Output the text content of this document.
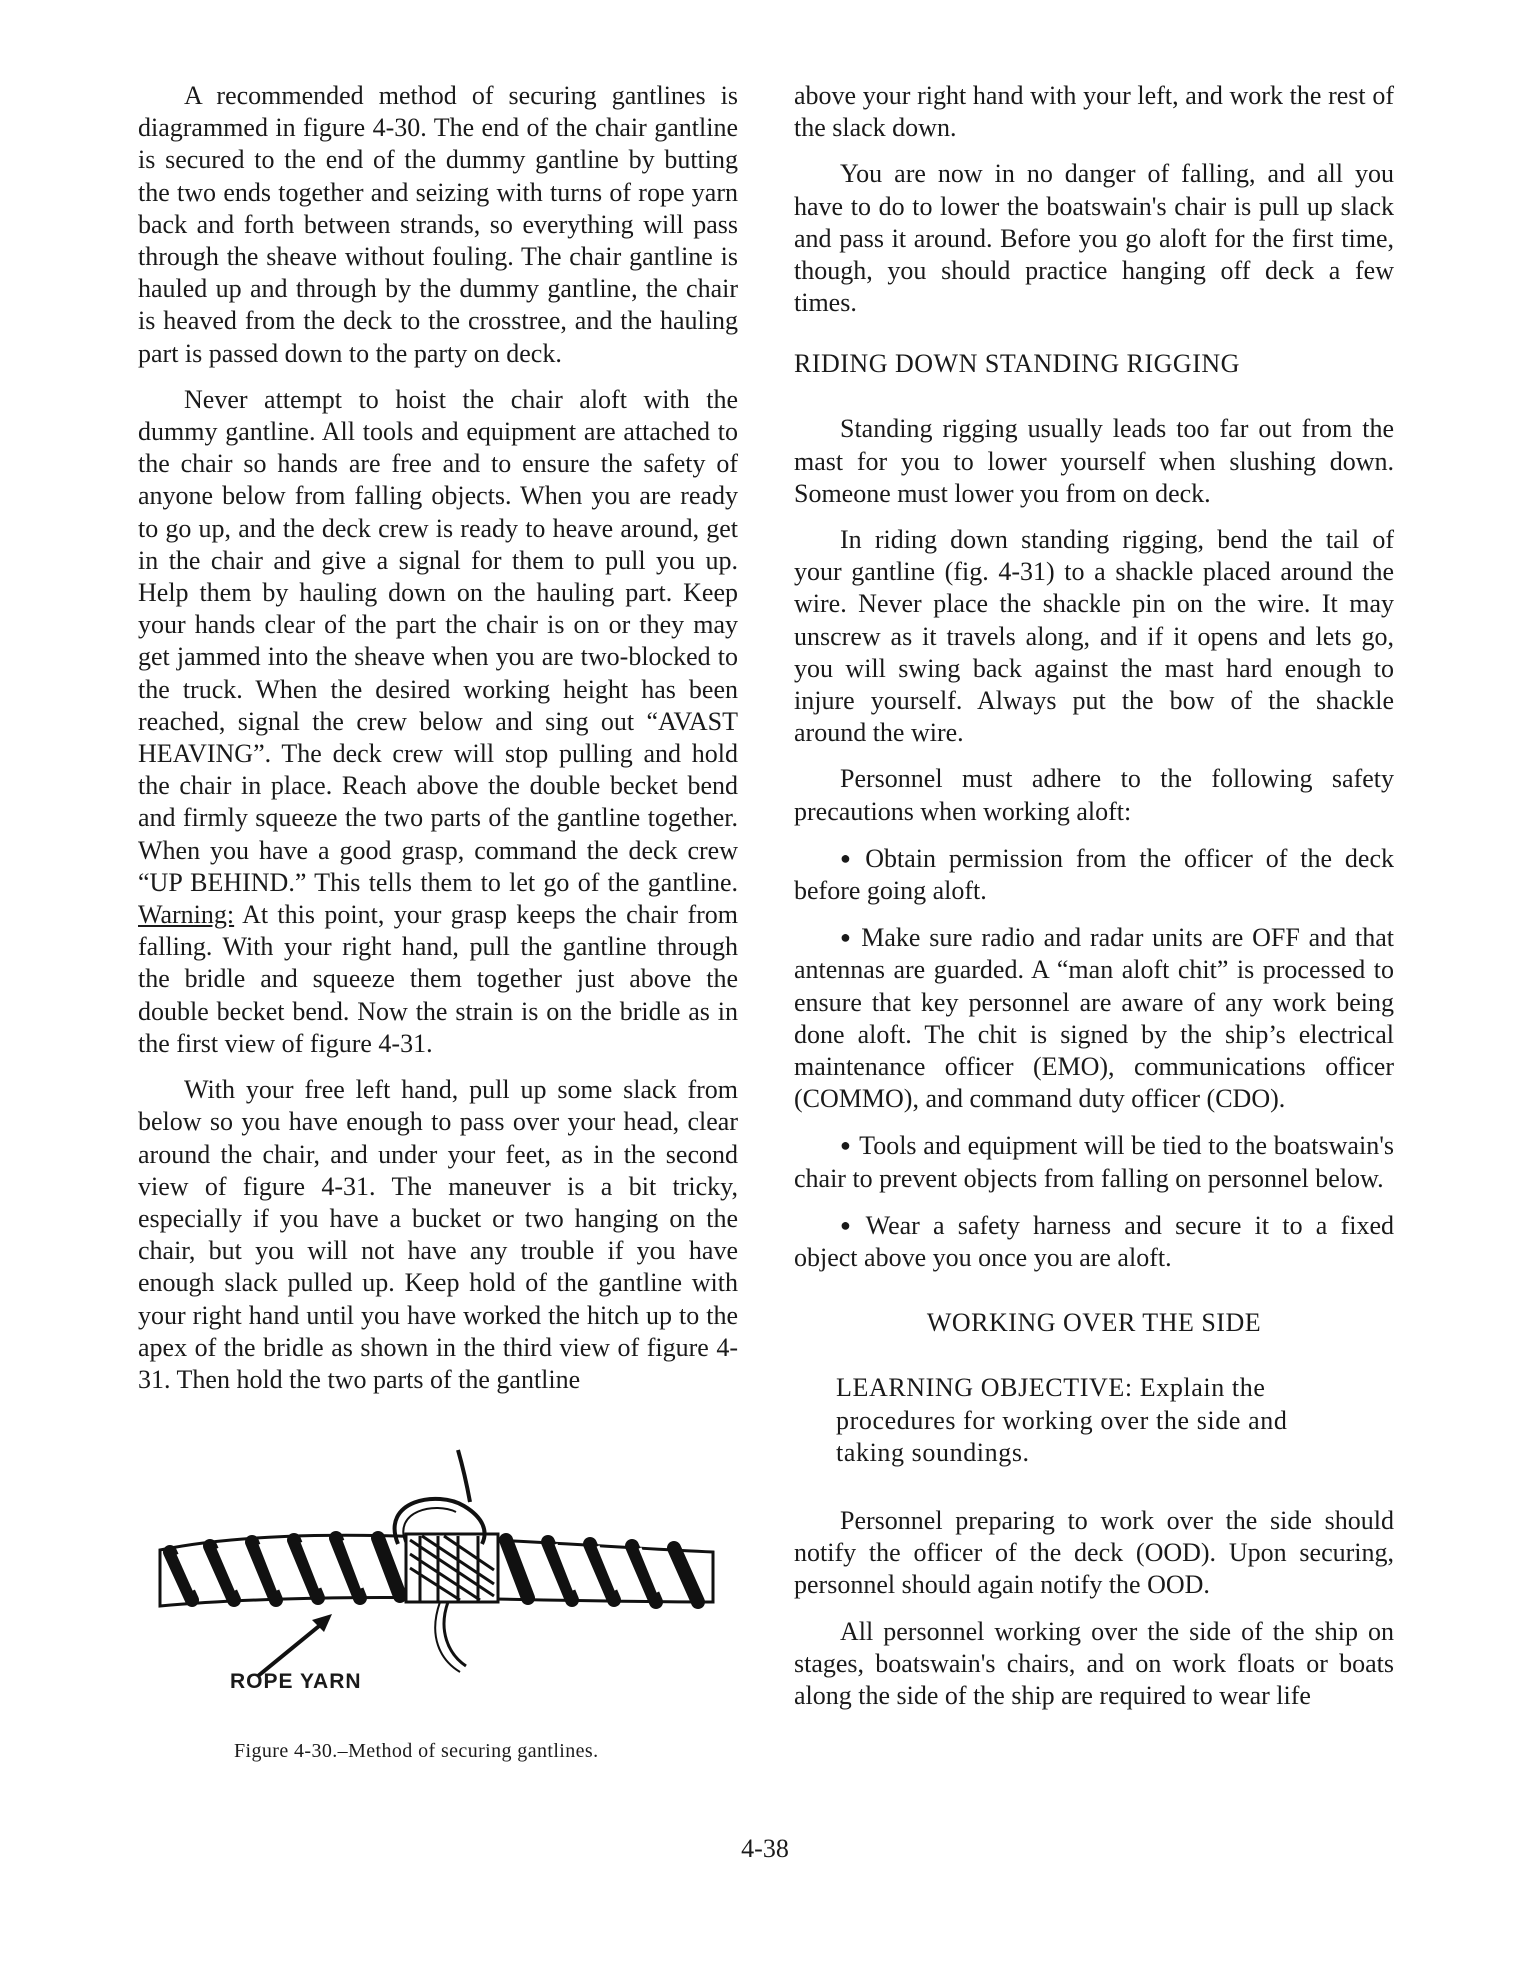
A recommended method of securing gantlines is diagrammed in figure 4-30. The end of the chair gantline is secured to the end of the dummy gantline by butting the two ends together and seizing with turns of rope yarn back and forth between strands, so everything will pass through the sheave without fouling. The chair gantline is hauled up and through by the dummy gantline, the chair is heaved from the deck to the crosstree, and the hauling part is passed down to the party on deck.

Never attempt to hoist the chair aloft with the dummy gantline. All tools and equipment are attached to the chair so hands are free and to ensure the safety of anyone below from falling objects. When you are ready to go up, and the deck crew is ready to heave around, get in the chair and give a signal for them to pull you up. Help them by hauling down on the hauling part. Keep your hands clear of the part the chair is on or they may get jammed into the sheave when you are two-blocked to the truck. When the desired working height has been reached, signal the crew below and sing out “AVAST HEAVING”. The deck crew will stop pulling and hold the chair in place. Reach above the double becket bend and firmly squeeze the two parts of the gantline together. When you have a good grasp, command the deck crew “UP BEHIND.” This tells them to let go of the gantline. Warning: At this point, your grasp keeps the chair from falling. With your right hand, pull the gantline through the bridle and squeeze them together just above the double becket bend. Now the strain is on the bridle as in the first view of figure 4-31.

With your free left hand, pull up some slack from below so you have enough to pass over your head, clear around the chair, and under your feet, as in the second view of figure 4-31. The maneuver is a bit tricky, especially if you have a bucket or two hanging on the chair, but you will not have any trouble if you have enough slack pulled up. Keep hold of the gantline with your right hand until you have worked the hitch up to the apex of the bridle as shown in the third view of figure 4-31. Then hold the two parts of the gantline

ROPE YARN
Figure 4-30.–Method of securing gantlines.

above your right hand with your left, and work the rest of the slack down.

You are now in no danger of falling, and all you have to do to lower the boatswain's chair is pull up slack and pass it around. Before you go aloft for the first time, though, you should practice hanging off deck a few times.

RIDING DOWN STANDING RIGGING

Standing rigging usually leads too far out from the mast for you to lower yourself when slushing down. Someone must lower you from on deck.

In riding down standing rigging, bend the tail of your gantline (fig. 4-31) to a shackle placed around the wire. Never place the shackle pin on the wire. It may unscrew as it travels along, and if it opens and lets go, you will swing back against the mast hard enough to injure yourself. Always put the bow of the shackle around the wire.

Personnel must adhere to the following safety precautions when working aloft:

● Obtain permission from the officer of the deck before going aloft.

● Make sure radio and radar units are OFF and that antennas are guarded. A “man aloft chit” is processed to ensure that key personnel are aware of any work being done aloft. The chit is signed by the ship’s electrical maintenance officer (EMO), communications officer (COMMO), and command duty officer (CDO).

● Tools and equipment will be tied to the boatswain's chair to prevent objects from falling on personnel below.

● Wear a safety harness and secure it to a fixed object above you once you are aloft.

WORKING OVER THE SIDE
LEARNING OBJECTIVE: Explain the procedures for working over the side and taking soundings.

Personnel preparing to work over the side should notify the officer of the deck (OOD). Upon securing, personnel should again notify the OOD.

All personnel working over the side of the ship on stages, boatswain's chairs, and on work floats or boats along the side of the ship are required to wear life

4-38
